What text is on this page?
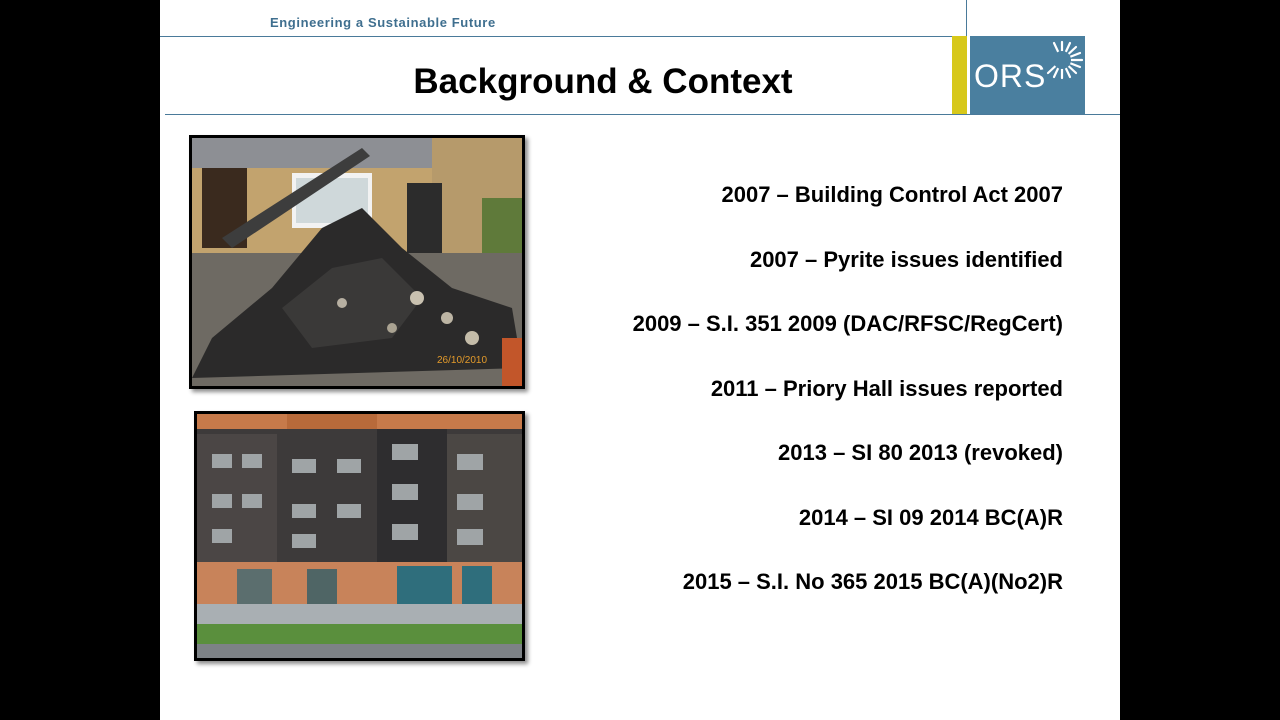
Engineering a Sustainable Future
ORS
Background & Context
26/10/2010
2007 – Building Control Act 2007
2007 – Pyrite issues identified
2009 – S.I. 351 2009 (DAC/RFSC/RegCert)
2011 – Priory Hall issues reported
2013 – SI 80 2013 (revoked)
2014 – SI 09 2014 BC(A)R
2015 – S.I. No 365 2015 BC(A)(No2)R
